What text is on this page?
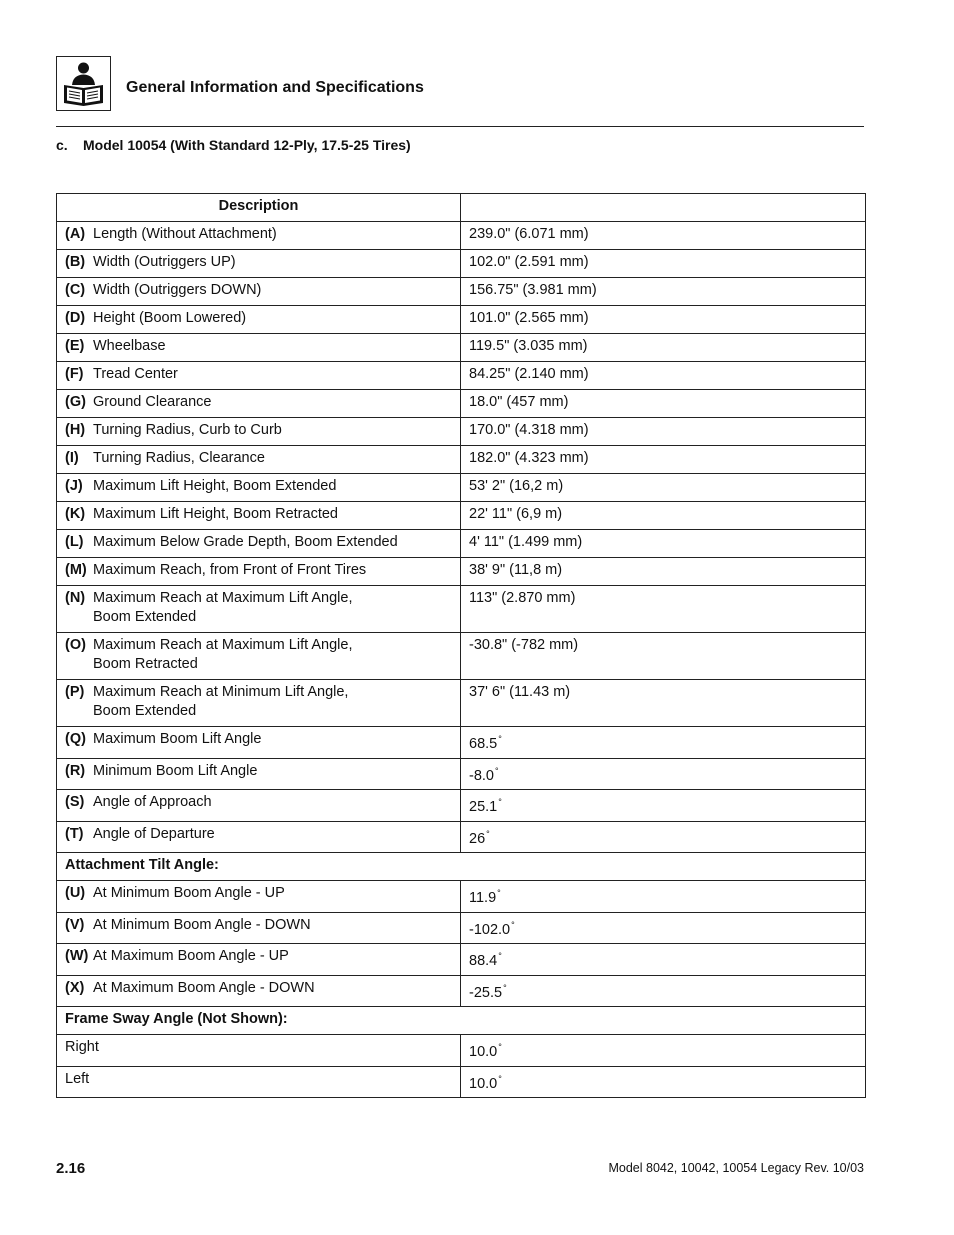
General Information and Specifications
c. Model 10054 (With Standard 12-Ply, 17.5-25 Tires)
Description	

(A) Length (Without Attachment)	239.0" (6.071 mm)

(B) Width (Outriggers UP)	102.0" (2.591 mm)

(C) Width (Outriggers DOWN)	156.75" (3.981 mm)

(D) Height (Boom Lowered)	101.0" (2.565 mm)

(E) Wheelbase	119.5" (3.035 mm)

(F) Tread Center	84.25" (2.140 mm)

(G) Ground Clearance	18.0" (457 mm)

(H) Turning Radius, Curb to Curb	170.0" (4.318 mm)

(I) Turning Radius, Clearance	182.0" (4.323 mm)

(J) Maximum Lift Height, Boom Extended	53' 2" (16,2 m)

(K) Maximum Lift Height, Boom Retracted	22' 11" (6,9 m)

(L) Maximum Below Grade Depth, Boom Extended	4' 11" (1.499 mm)

(M) Maximum Reach, from Front of Front Tires	38' 9" (11,8 m)

(N) Maximum Reach at Maximum Lift Angle,
Boom Extended	113" (2.870 mm)

(O) Maximum Reach at Maximum Lift Angle,
Boom Retracted	-30.8" (-782 mm)

(P) Maximum Reach at Minimum Lift Angle,
Boom Extended	37' 6" (11.43 m)

(Q) Maximum Boom Lift Angle	68.5°

(R) Minimum Boom Lift Angle	-8.0°

(S) Angle of Approach	25.1°

(T) Angle of Departure	26°
Attachment Tilt Angle:	

(U) At Minimum Boom Angle - UP	11.9°

(V) At Minimum Boom Angle - DOWN	-102.0°

(W) At Maximum Boom Angle - UP	88.4°

(X) At Maximum Boom Angle - DOWN	-25.5°
Frame Sway Angle (Not Shown):	

Right	10.0°

Left	10.0°
2.16	Model 8042, 10042, 10054 Legacy Rev. 10/03
